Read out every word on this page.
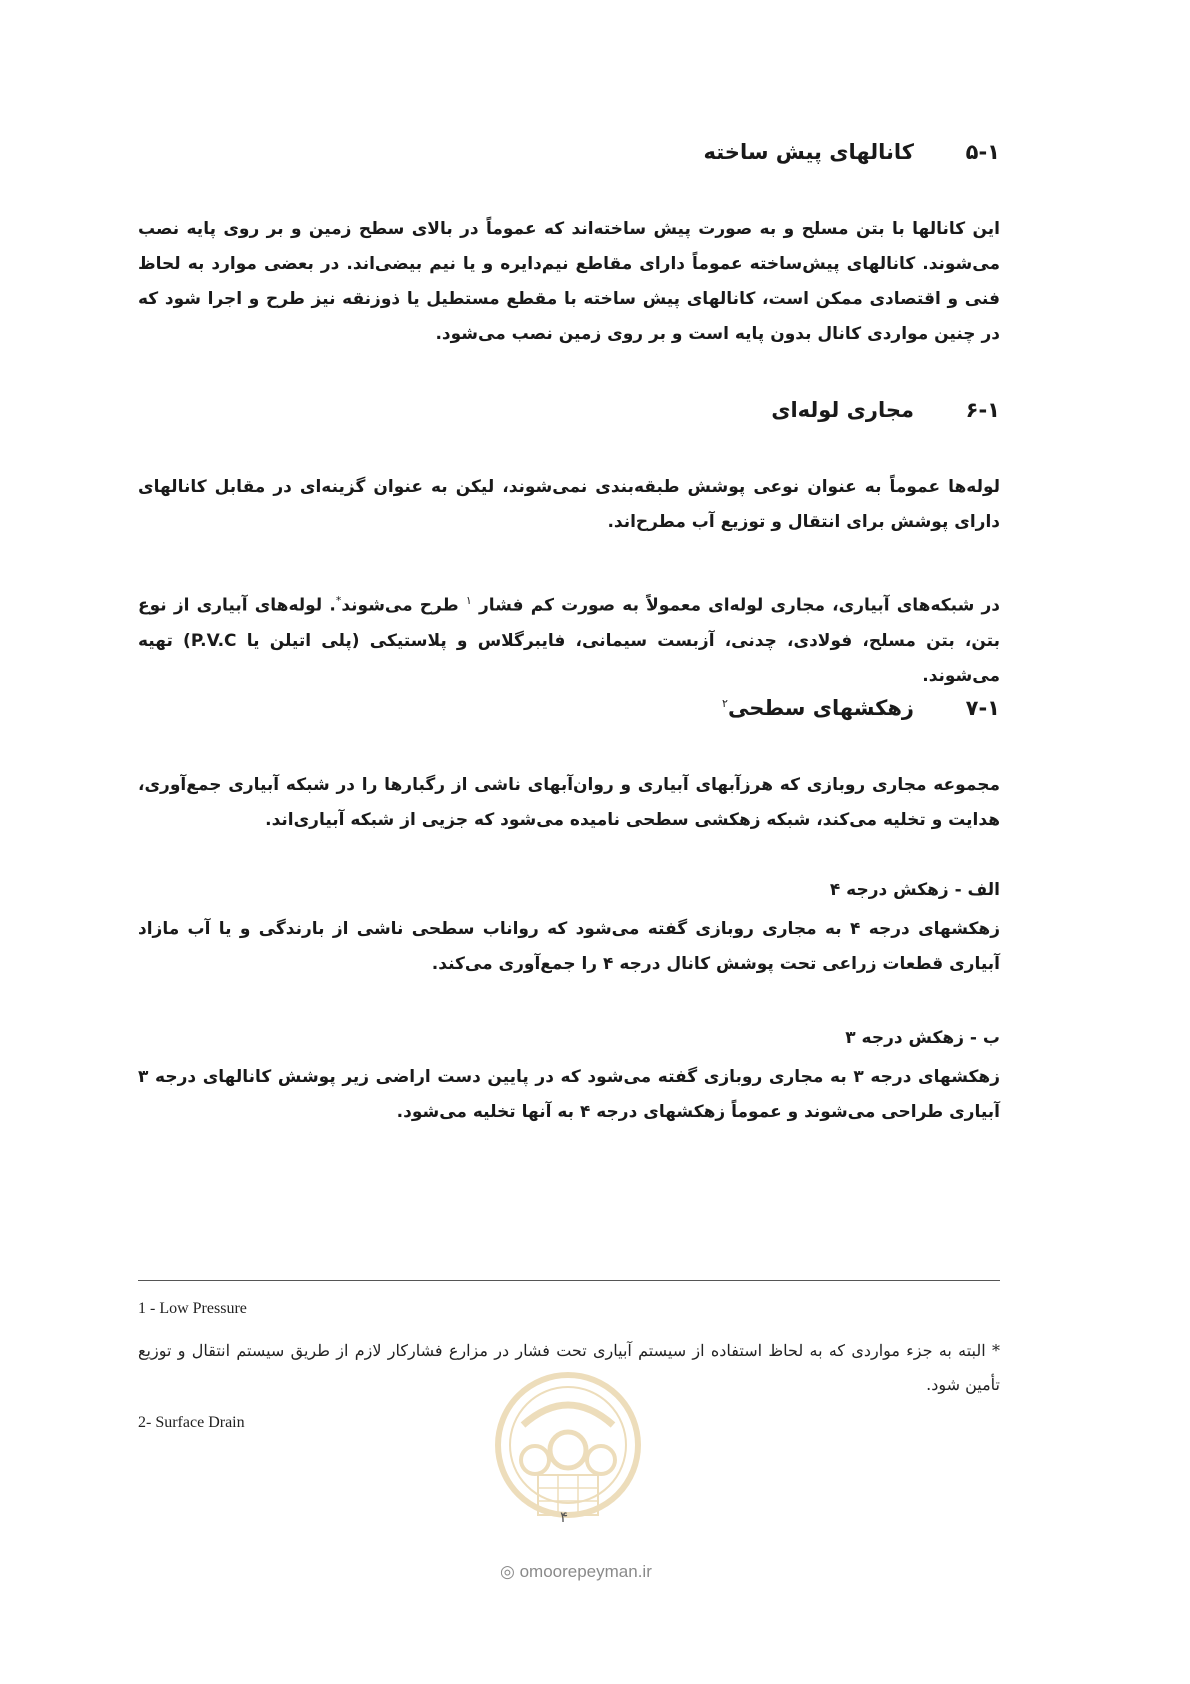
۵-۱کانالهای پیش ساخته
این کانالها با بتن مسلح و به صورت پیش ساخته‌اند که عموماً در بالای سطح زمین و بر روی پایه نصب می‌شوند. کانالهای پیش‌ساخته عموماً دارای مقاطع نیم‌دایره و یا نیم بیضی‌اند. در بعضی موارد به لحاظ فنی و اقتصادی ممکن است، کانالهای پیش ساخته با مقطع مستطیل یا ذوزنقه نیز طرح و اجرا شود که در چنین مواردی کانال بدون پایه است و بر روی زمین نصب می‌شود.
۶-۱مجاری لوله‌ای
لوله‌ها عموماً به عنوان نوعی پوشش طبقه‌بندی نمی‌شوند، لیکن به عنوان گزینه‌ای در مقابل کانالهای دارای پوشش برای انتقال و توزیع آب مطرح‌اند.
در شبکه‌های آبیاری، مجاری لوله‌ای معمولاً به صورت کم فشار $^۱$ طرح می‌شوند*. لوله‌های آبیاری از نوع بتن، بتن مسلح، فولادی، چدنی، آزبست سیمانی، فایبرگلاس و پلاستیکی (پلی اتیلن یا P.V.C) تهیه می‌شوند.
۷-۱زهکشهای سطحی$^۲$
مجموعه مجاری روبازی که هرزآبهای آبیاری و روان‌آبهای ناشی از رگبارها را در شبکه آبیاری جمع‌آوری، هدایت و تخلیه می‌کند، شبکه زهکشی سطحی نامیده می‌شود که جزیی از شبکه آبیاری‌اند.
الف - زهکش درجه ۴
زهکشهای درجه ۴ به مجاری روبازی گفته می‌شود که رواناب سطحی ناشی از بارندگی و یا آب مازاد آبیاری قطعات زراعی تحت پوشش کانال درجه ۴ را جمع‌آوری می‌کند.
ب - زهکش درجه ۳
زهکشهای درجه ۳ به مجاری روبازی گفته می‌شود که در پایین دست اراضی زیر پوشش کانالهای درجه ۳ آبیاری طراحی می‌شوند و عموماً زهکشهای درجه ۴ به آنها تخلیه می‌شود.
1 - Low Pressure
* البته به جزء مواردی که به لحاظ استفاده از سیستم آبیاری تحت فشار در مزارع فشارکار لازم از طریق سیستم انتقال و توزیع تأمین شود.
2- Surface Drain
۴
◎ omoorepeyman.ir
